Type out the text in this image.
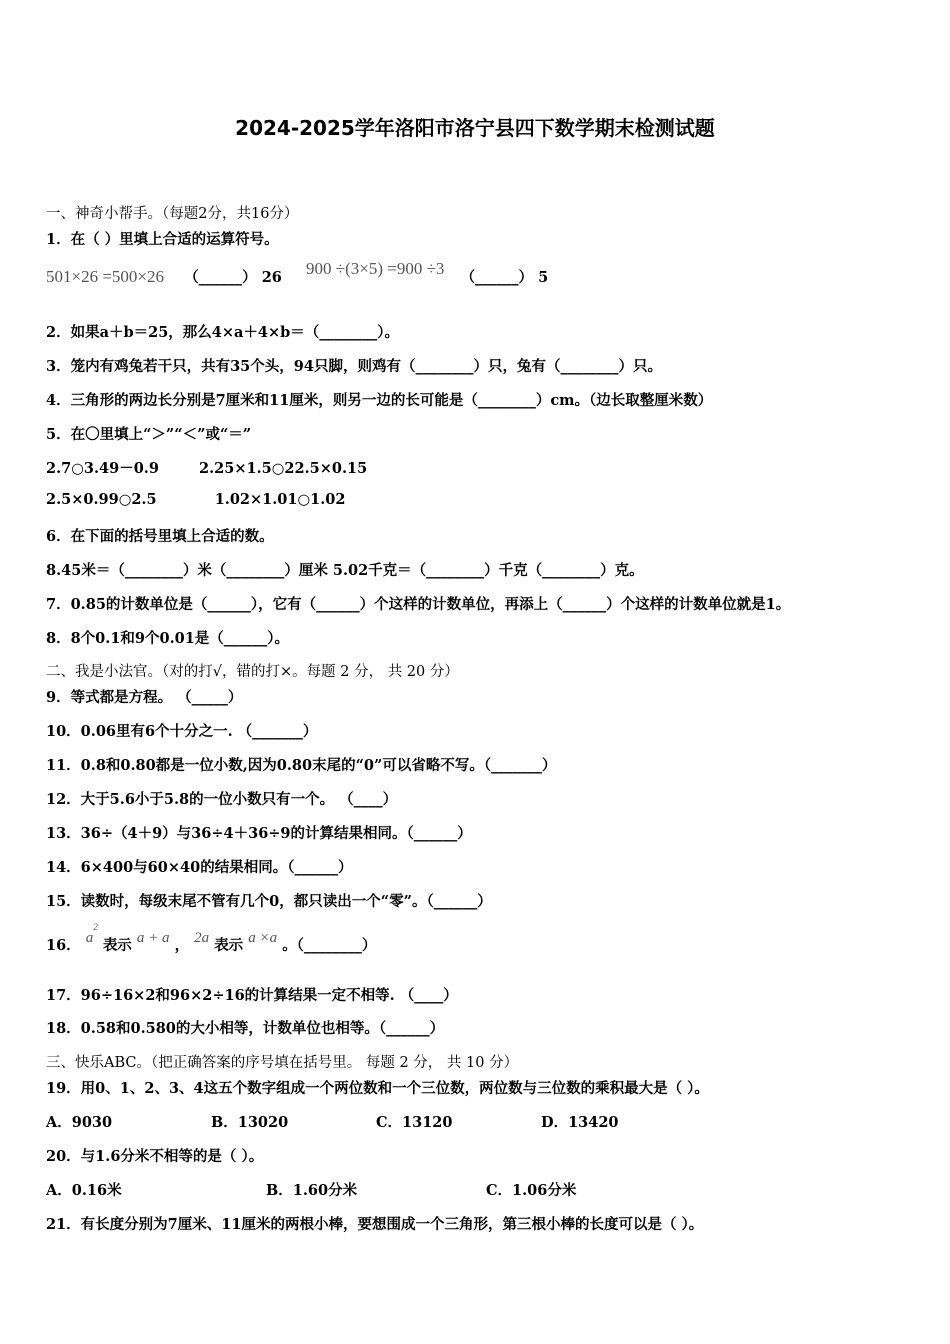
2024-2025学年洛阳市洛宁县四下数学期末检测试题
一、神奇小帮手。（每题2分，共16分）
1．在（ ）里填上合适的运算符号。
501×26 =500×26 （______） 26 900 ÷(3×5) =900 ÷3 （______） 5
2．如果a＋b＝25，那么4×a＋4×b＝（________）。
3．笼内有鸡兔若干只，共有35个头，94只脚，则鸡有（________）只，兔有（________）只。
4．三角形的两边长分别是7厘米和11厘米，则另一边的长可能是（________）cm。（边长取整厘米数）
5．在〇里填上“＞”“＜”或“＝”
2.7○3.49－0.9	2.25×1.5○22.5×0.15
2.5×0.99○2.5	1.02×1.01○1.02
6．在下面的括号里填上合适的数。
8.45米＝（________）米（________）厘米 5.02千克＝（________）千克（________）克。
7．0.85的计数单位是（______），它有（______）个这样的计数单位，再添上（______）个这样的计数单位就是1。
8．8个0.1和9个0.01是（______）。
二、我是小法官。（对的打√，错的打×。每题 2 分， 共 20 分）
9．等式都是方程。 （_____）
10．0.06里有6个十分之一. （_______）
11．0.8和0.80都是一位小数,因为0.80末尾的“0”可以省略不写。（_______）
12．大于5.6小于5.8的一位小数只有一个。 （____）
13．36÷（4＋9）与36÷4＋36÷9的计算结果相同。（______）
14．6×400与60×40的结果相同。（______）
15．读数时，每级末尾不管有几个0，都只读出一个“零”。（______）
16． $a^2$ 表示 a + a ， 2a 表示 a ×a 。（________）
17．96÷16×2和96×2÷16的计算结果一定不相等. （____）
18．0.58和0.580的大小相等，计数单位也相等。（______）
三、快乐ABC。（把正确答案的序号填在括号里。 每题 2 分， 共 10 分）
19．用0、1、2、3、4这五个数字组成一个两位数和一个三位数，两位数与三位数的乘积最大是（ ）。
A．9030	B．13020	C．13120	D．13420
20．与1.6分米不相等的是（ ）。
A．0.16米	B．1.60分米	C．1.06分米
21．有长度分别为7厘米、11厘米的两根小棒，要想围成一个三角形，第三根小棒的长度可以是（ ）。
